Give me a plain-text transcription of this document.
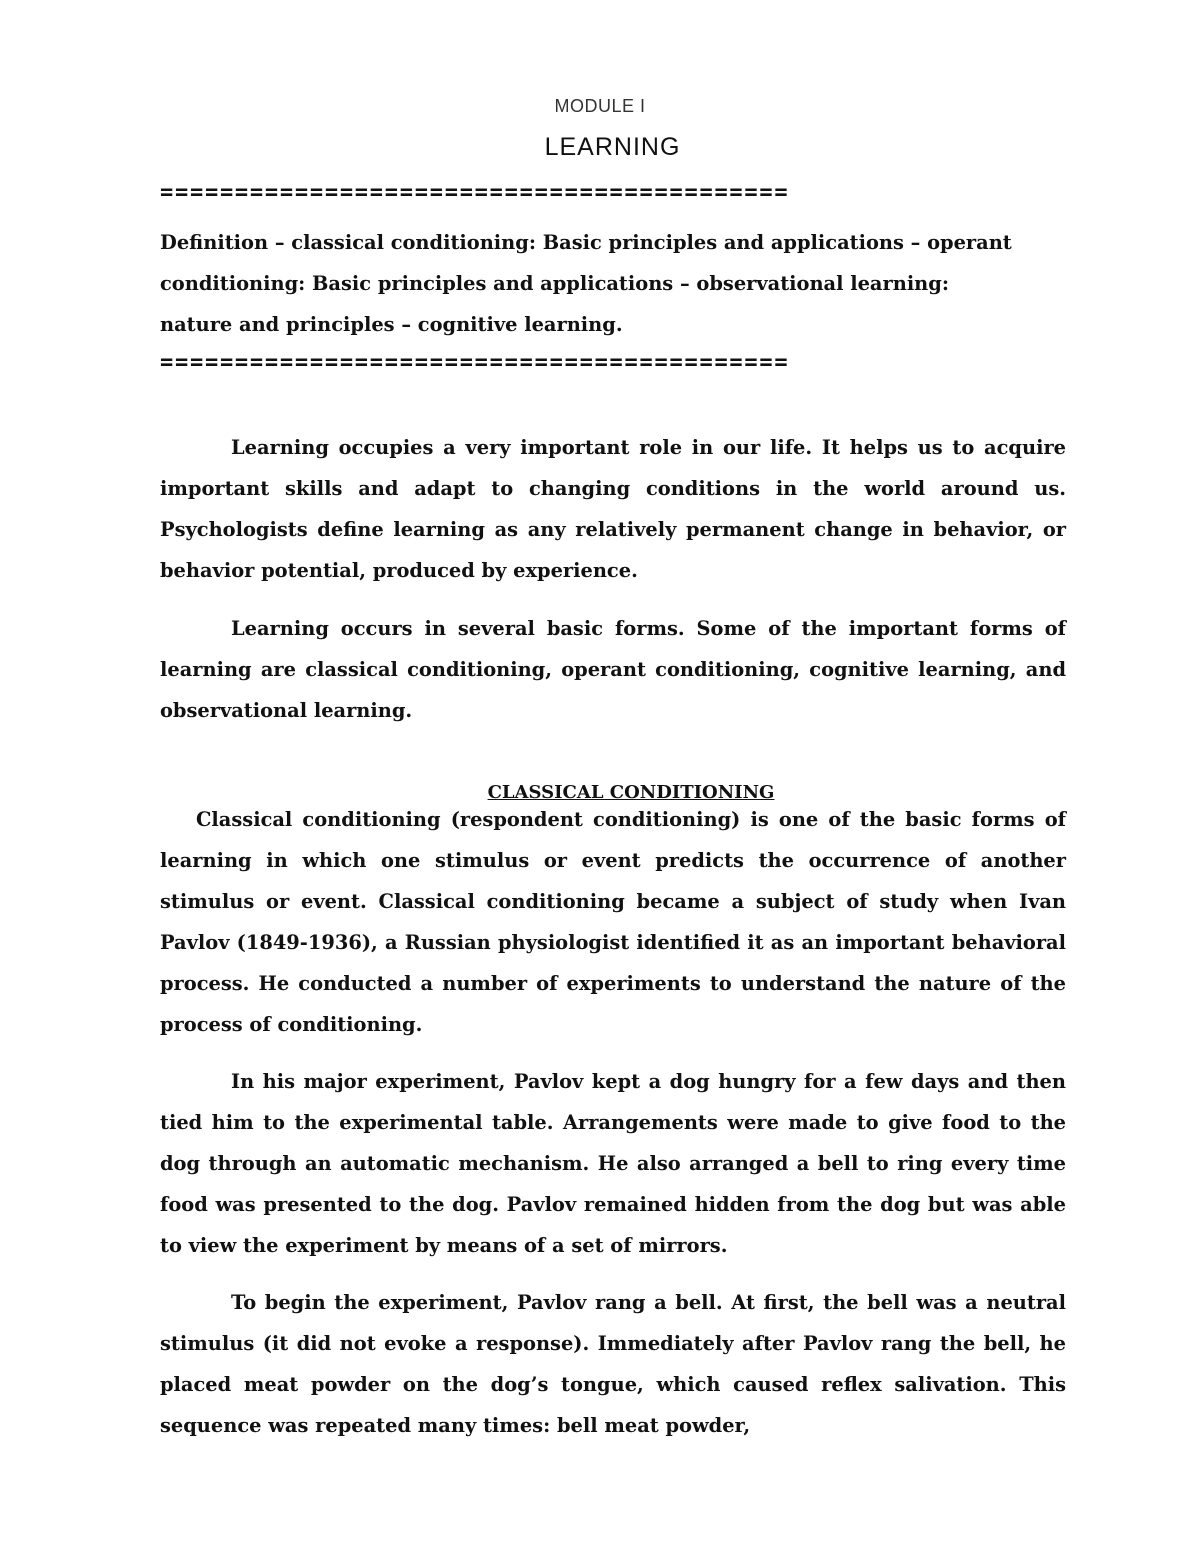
MODULE I
LEARNING
==========================================
Definition – classical conditioning: Basic principles and applications – operant
conditioning: Basic principles and applications – observational learning:
nature and principles – cognitive learning.
==========================================

Learning occupies a very important role in our life. It helps us to acquire important skills and adapt to changing conditions in the world around us. Psychologists define learning as any relatively permanent change in behavior, or behavior potential, produced by experience.

Learning occurs in several basic forms. Some of the important forms of learning are classical conditioning, operant conditioning, cognitive learning, and observational learning.

CLASSICAL CONDITIONING

Classical conditioning (respondent conditioning) is one of the basic forms of learning in which one stimulus or event predicts the occurrence of another stimulus or event. Classical conditioning became a subject of study when Ivan Pavlov (1849-1936), a Russian physiologist identified it as an important behavioral process. He conducted a number of experiments to understand the nature of the process of conditioning.

In his major experiment, Pavlov kept a dog hungry for a few days and then tied him to the experimental table. Arrangements were made to give food to the dog through an automatic mechanism. He also arranged a bell to ring every time food was presented to the dog. Pavlov remained hidden from the dog but was able to view the experiment by means of a set of mirrors.

To begin the experiment, Pavlov rang a bell. At first, the bell was a neutral stimulus (it did not evoke a response). Immediately after Pavlov rang the bell, he placed meat powder on the dog’s tongue, which caused reflex salivation. This sequence was repeated many times: bell meat powder,
